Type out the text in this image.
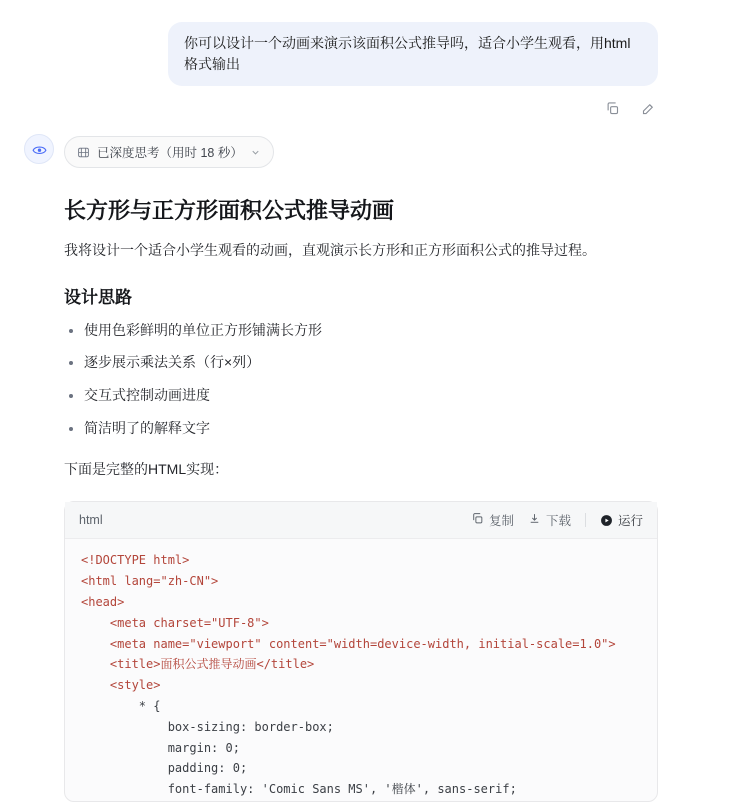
你可以设计一个动画来演示该面积公式推导吗，适合小学生观看，用html格式输出
已深度思考（用时 18 秒）
长方形与正方形面积公式推导动画

我将设计一个适合小学生观看的动画，直观演示长方形和正方形面积公式的推导过程。

设计思路
• 使用色彩鲜明的单位正方形铺满长方形
• 逐步展示乘法关系（行×列）
• 交互式控制动画进度
• 简洁明了的解释文字

下面是完整的HTML实现：

html	复制	下载	运行
<!DOCTYPE html>
<html lang="zh-CN">
<head>
<meta charset="UTF-8">
<meta name="viewport" content="width=device-width, initial-scale=1.0">
<title>面积公式推导动画</title>
<style>
* {
box-sizing: border-box;
margin: 0;
padding: 0;
font-family: 'Comic Sans MS', '楷体', sans-serif;
